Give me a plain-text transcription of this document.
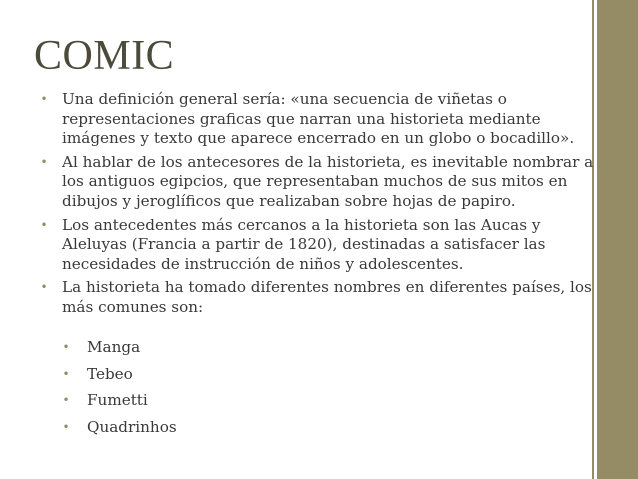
COMIC
• Una definición general sería: «una secuencia de viñetas o representaciones graficas que narran una historieta mediante imágenes y texto que aparece encerrado en un globo o bocadillo».
• Al hablar de los antecesores de la historieta, es inevitable nombrar a los antiguos egipcios, que representaban muchos de sus mitos en dibujos y jeroglíficos que realizaban sobre hojas de papiro.
• Los antecedentes más cercanos a la historieta son las Aucas y Aleluyas (Francia a partir de 1820), destinadas a satisfacer las necesidades de instrucción de niños y adolescentes.
• La historieta ha tomado diferentes nombres en diferentes países, los más comunes son:
•	Manga
•	Tebeo
•	Fumetti
•	Quadrinhos
